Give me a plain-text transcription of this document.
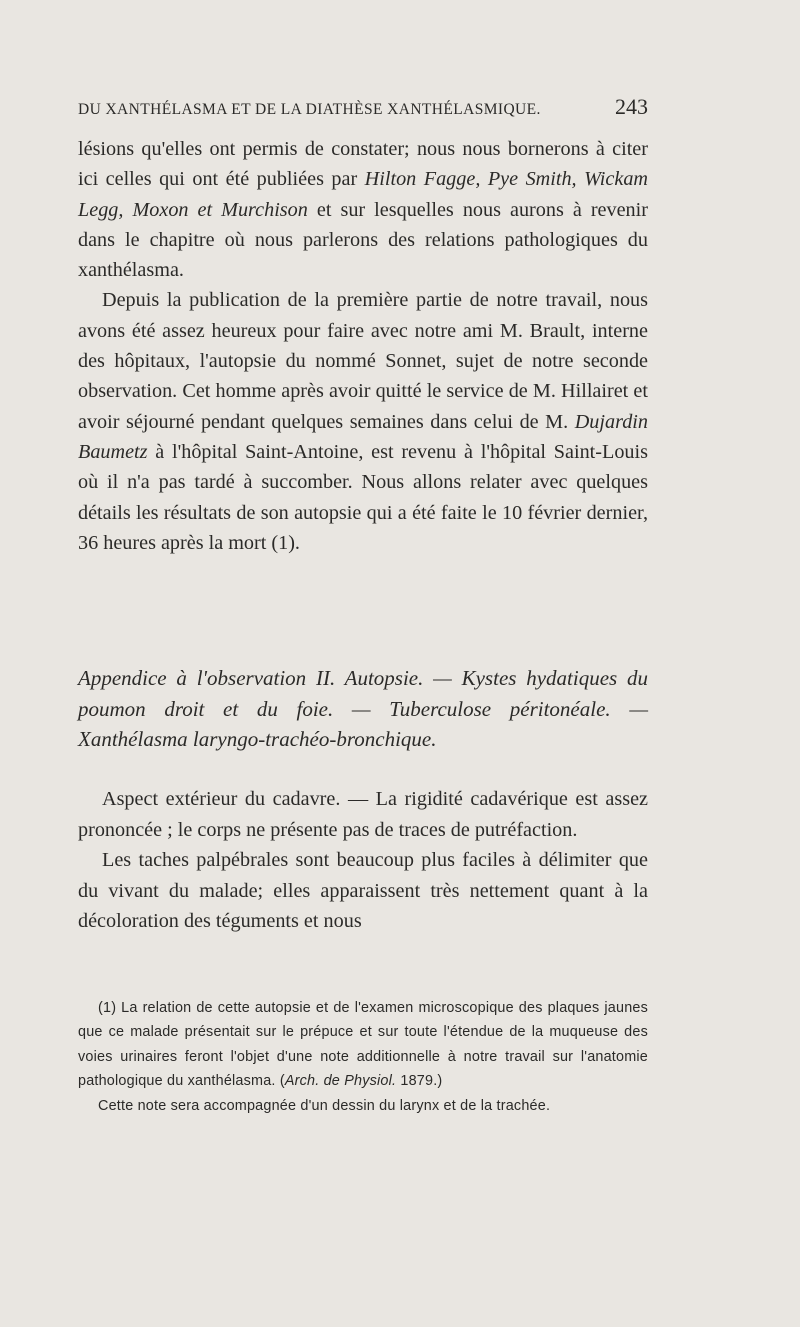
DU XANTHÉLASMA ET DE LA DIATHÈSE XANTHÉLASMIQUE.	243

lésions qu'elles ont permis de constater; nous nous bornerons à citer ici celles qui ont été publiées par Hilton Fagge, Pye Smith, Wickam Legg, Moxon et Murchison et sur lesquelles nous aurons à revenir dans le chapitre où nous parlerons des relations pathologiques du xanthélasma.

Depuis la publication de la première partie de notre travail, nous avons été assez heureux pour faire avec notre ami M. Brault, interne des hôpitaux, l'autopsie du nommé Sonnet, sujet de notre seconde observation. Cet homme après avoir quitté le service de M. Hillairet et avoir séjourné pendant quelques semaines dans celui de M. Dujardin Baumetz à l'hôpital Saint-Antoine, est revenu à l'hôpital Saint-Louis où il n'a pas tardé à succomber. Nous allons relater avec quelques détails les résultats de son autopsie qui a été faite le 10 février dernier, 36 heures après la mort (1).

Appendice à l'observation II. Autopsie. — Kystes hydatiques du poumon droit et du foie. — Tuberculose péritonéale. — Xanthélasma laryngo-trachéo-bronchique.

Aspect extérieur du cadavre. — La rigidité cadavérique est assez prononcée ; le corps ne présente pas de traces de putréfaction.

Les taches palpébrales sont beaucoup plus faciles à délimiter que du vivant du malade; elles apparaissent très nettement quant à la décoloration des téguments et nous

(1) La relation de cette autopsie et de l'examen microscopique des plaques jaunes que ce malade présentait sur le prépuce et sur toute l'étendue de la muqueuse des voies urinaires feront l'objet d'une note additionnelle à notre travail sur l'anatomie pathologique du xanthélasma. (Arch. de Physiol. 1879.)

Cette note sera accompagnée d'un dessin du larynx et de la trachée.
